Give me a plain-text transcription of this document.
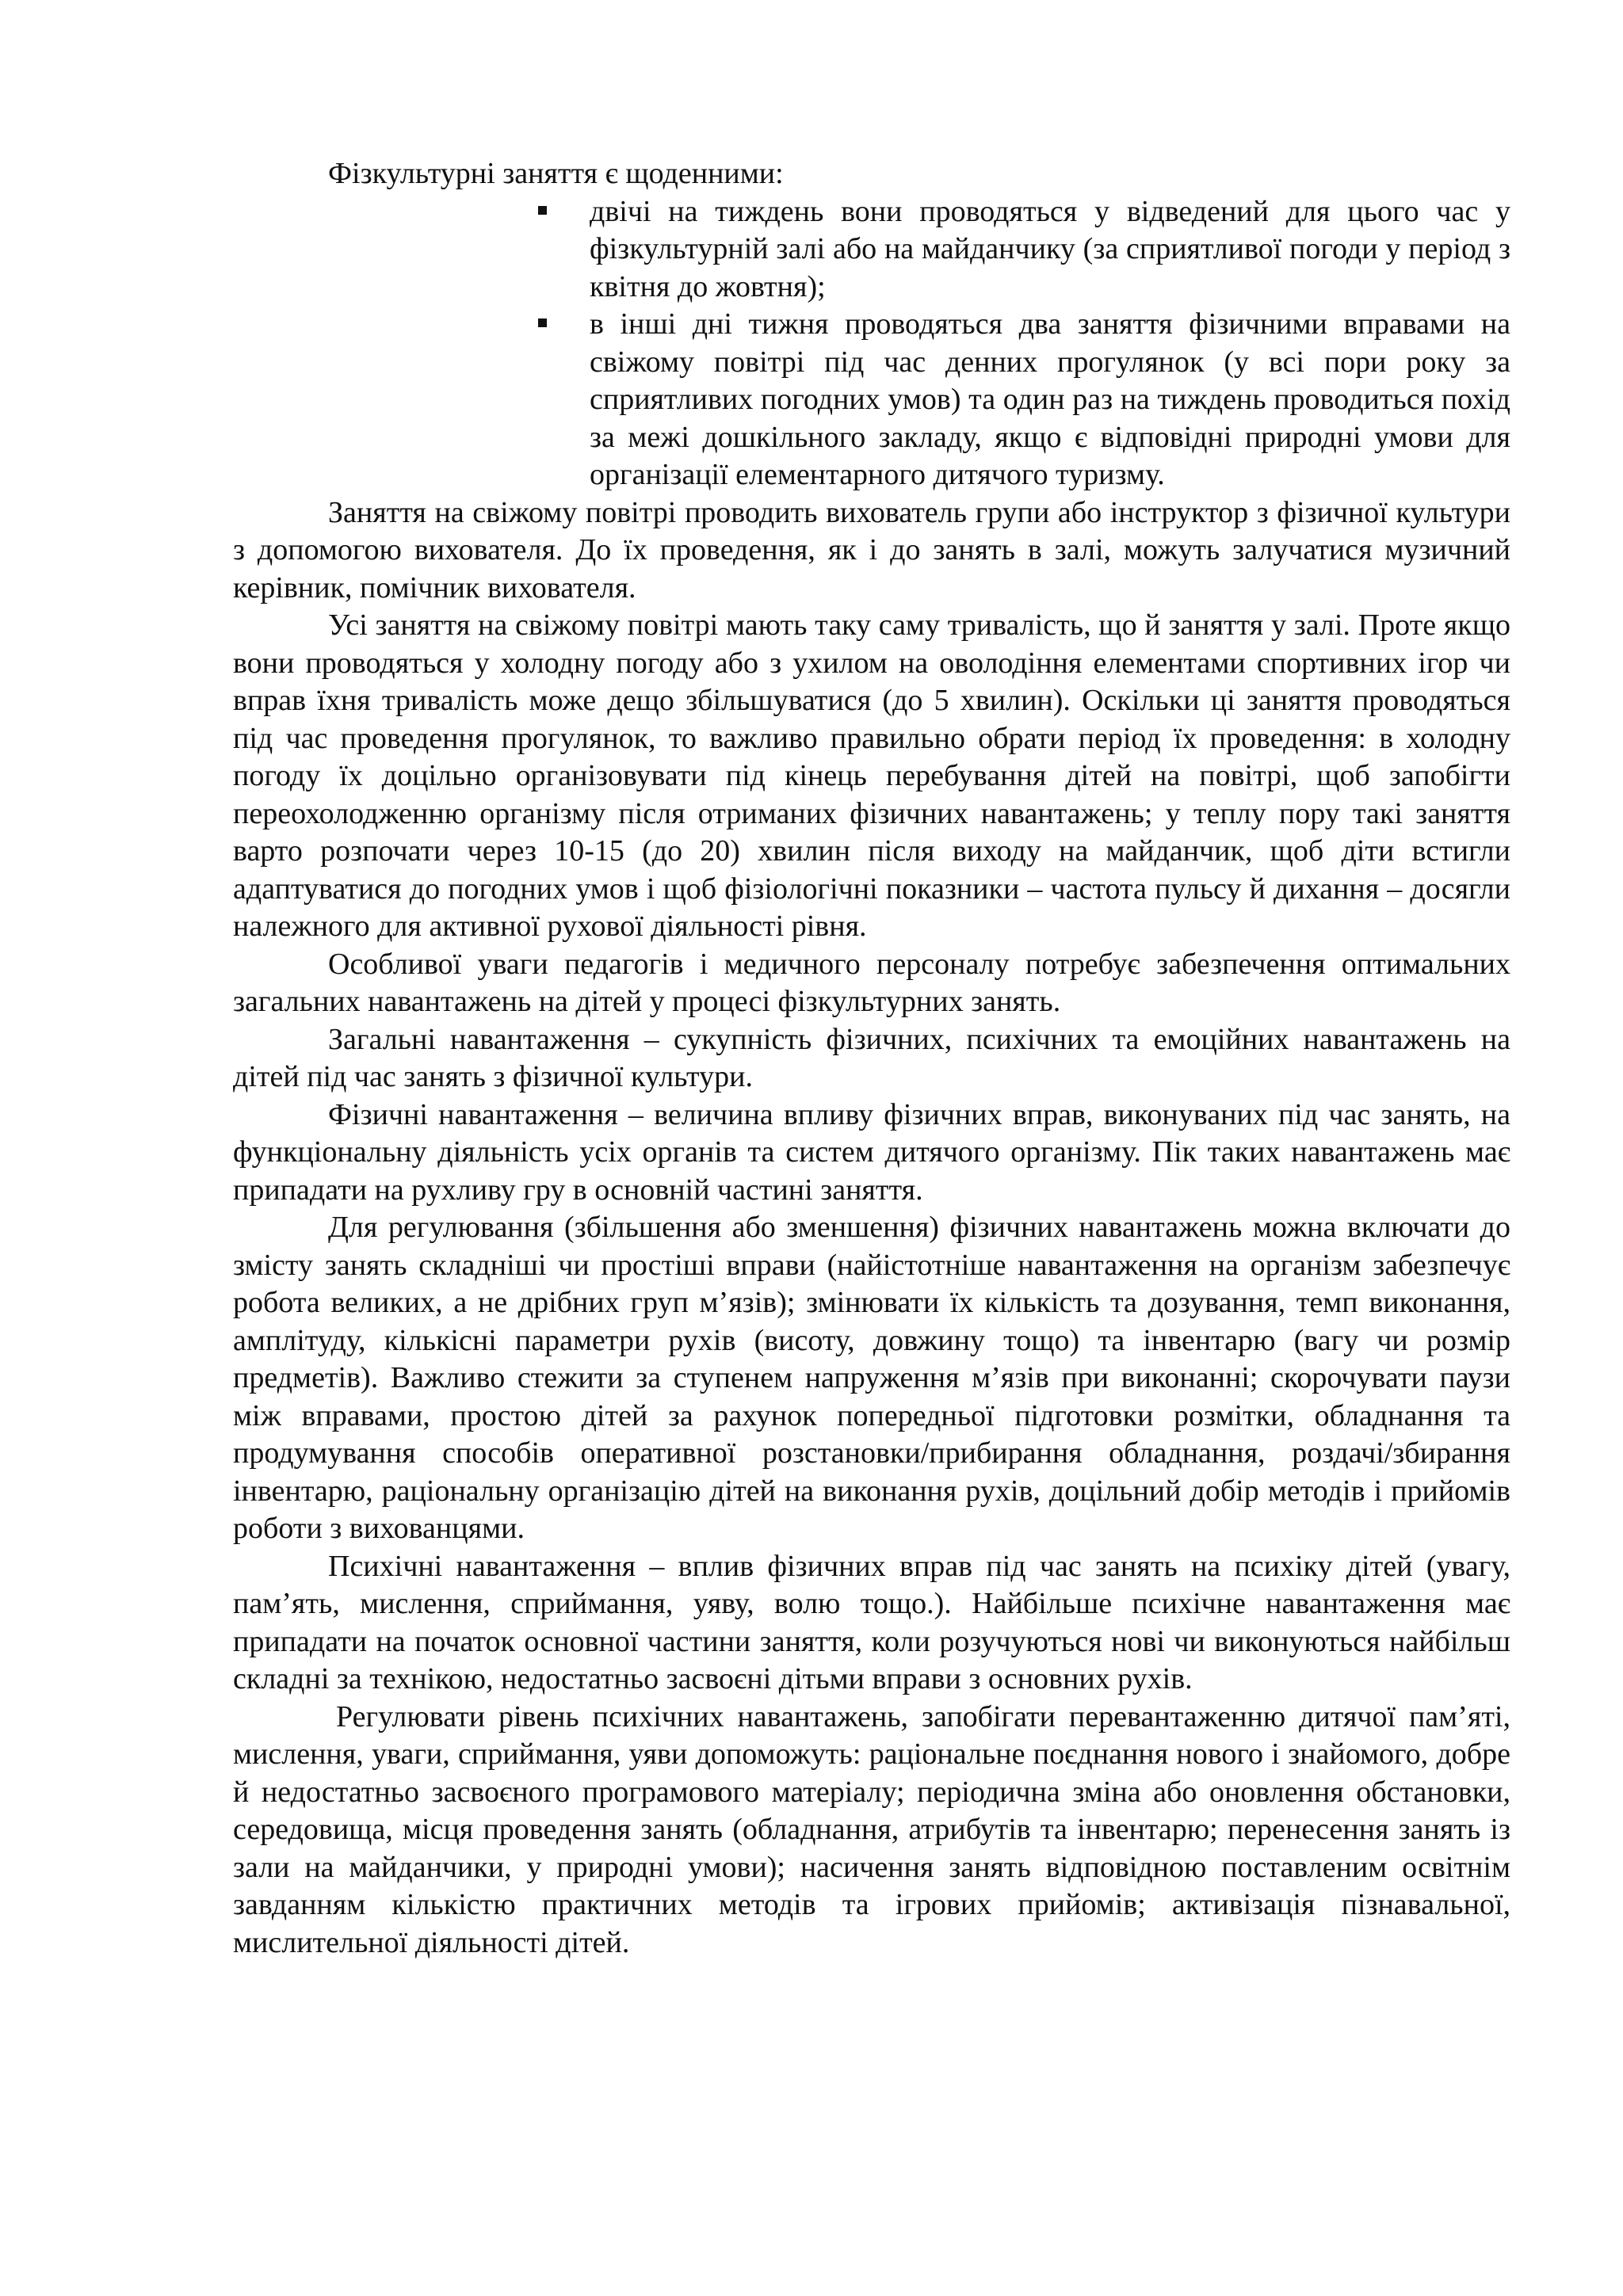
Фізкультурні заняття є щоденними:

двічі на тиждень вони проводяться у відведений для цього час у фізкультурній залі або на майданчику (за сприятливої погоди у період з квітня до жовтня);
в інші дні тижня проводяться два заняття фізичними вправами на свіжому повітрі під час денних прогулянок (у всі пори року за сприятливих погодних умов) та один раз на тиждень проводиться похід за межі дошкільного закладу, якщо є відповідні природні умови для організації елементарного дитячого туризму.

Заняття на свіжому повітрі проводить вихователь групи або інструктор з фізичної культури з допомогою вихователя. До їх проведення, як і до занять в залі, можуть залучатися музичний керівник, помічник вихователя.

Усі заняття на свіжому повітрі мають таку саму тривалість, що й заняття у залі. Проте якщо вони проводяться у холодну погоду або з ухилом на оволодіння елементами спортивних ігор чи вправ їхня тривалість може дещо збільшуватися (до 5 хвилин). Оскільки ці заняття проводяться під час проведення прогулянок, то важливо правильно обрати період їх проведення: в холодну погоду їх доцільно організовувати під кінець перебування дітей на повітрі, щоб запобігти переохолодженню організму після отриманих фізичних навантажень; у теплу пору такі заняття варто розпочати через 10-15 (до 20) хвилин після виходу на майданчик, щоб діти встигли адаптуватися до погодних умов і щоб фізіологічні показники – частота пульсу й дихання – досягли належного для активної рухової діяльності рівня.

Особливої уваги педагогів і медичного персоналу потребує забезпечення оптимальних загальних навантажень на дітей у процесі фізкультурних занять.

Загальні навантаження – сукупність фізичних, психічних та емоційних навантажень на дітей під час занять з фізичної культури.

Фізичні навантаження – величина впливу фізичних вправ, виконуваних під час занять, на функціональну діяльність усіх органів та систем дитячого організму. Пік таких навантажень має припадати на рухливу гру в основній частині заняття.

Для регулювання (збільшення або зменшення) фізичних навантажень можна включати до змісту занять складніші чи простіші вправи (найістотніше навантаження на організм забезпечує робота великих, а не дрібних груп м’язів); змінювати їх кількість та дозування, темп виконання, амплітуду, кількісні параметри рухів (висоту, довжину тощо) та інвентарю (вагу чи розмір предметів). Важливо стежити за ступенем напруження м’язів при виконанні; скорочувати паузи між вправами, простою дітей за рахунок попередньої підготовки розмітки, обладнання та продумування способів оперативної розстановки/прибирання обладнання, роздачі/збирання інвентарю, раціональну організацію дітей на виконання рухів, доцільний добір методів і прийомів роботи з вихованцями.

Психічні навантаження – вплив фізичних вправ під час занять на психіку дітей (увагу, пам’ять, мислення, сприймання, уяву, волю тощо.). Найбільше психічне навантаження має припадати на початок основної частини заняття, коли розучуються нові чи виконуються найбільш складні за технікою, недостатньо засвоєні дітьми вправи з основних рухів.

Регулювати рівень психічних навантажень, запобігати перевантаженню дитячої пам’яті, мислення, уваги, сприймання, уяви допоможуть: раціональне поєднання нового і знайомого, добре й недостатньо засвоєного програмового матеріалу; періодична зміна або оновлення обстановки, середовища, місця проведення занять (обладнання, атрибутів та інвентарю; перенесення занять із зали на майданчики, у природні умови); насичення занять відповідною поставленим освітнім завданням кількістю практичних методів та ігрових прийомів; активізація пізнавальної, мислительної діяльності дітей.
